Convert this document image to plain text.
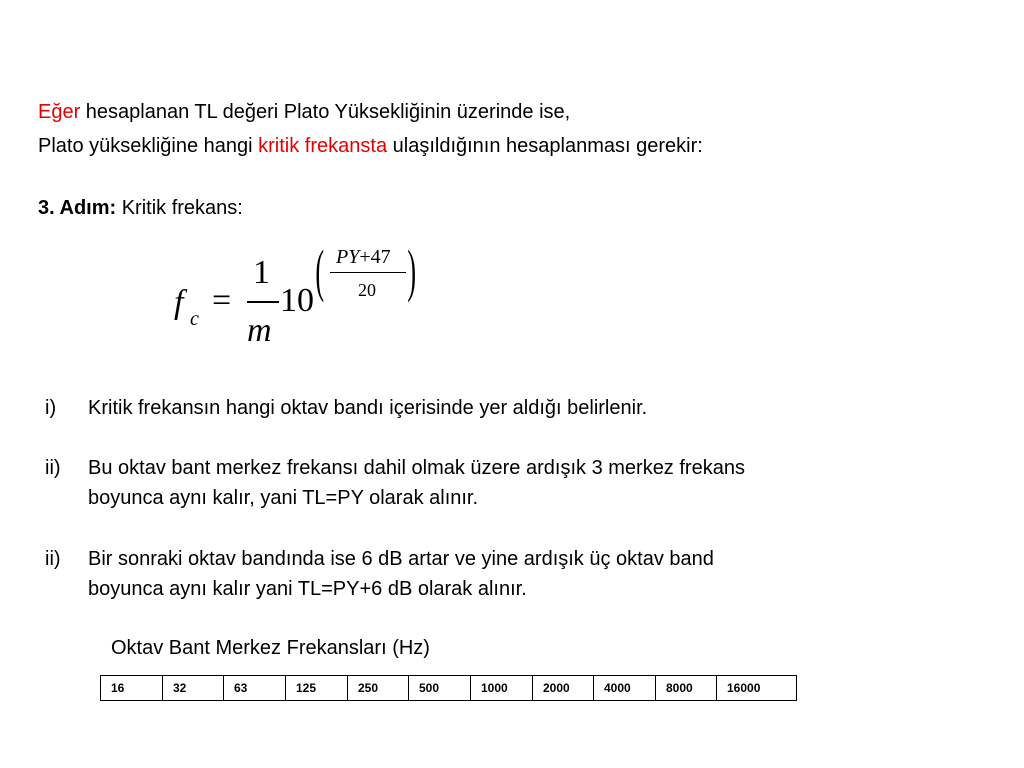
Eğer hesaplanan TL değeri Plato Yüksekliğinin üzerinde ise,
Plato yüksekliğine hangi kritik frekansta ulaşıldığının hesaplanması gerekir:
3. Adım: Kritik frekans:
f c =
1
m
10 ( PY+47
20 )
i) Kritik frekansın hangi oktav bandı içerisinde yer aldığı belirlenir.
ii) Bu oktav bant merkez frekansı dahil olmak üzere ardışık 3 merkez frekans
boyunca aynı kalır, yani TL=PY olarak alınır.
ii) Bir sonraki oktav bandında ise 6 dB artar ve yine ardışık üç oktav band
boyunca aynı kalır yani TL=PY+6 dB olarak alınır.
Oktav Bant Merkez Frekansları (Hz)
16	32	63	125	250	500	1000	2000	4000	8000	16000
